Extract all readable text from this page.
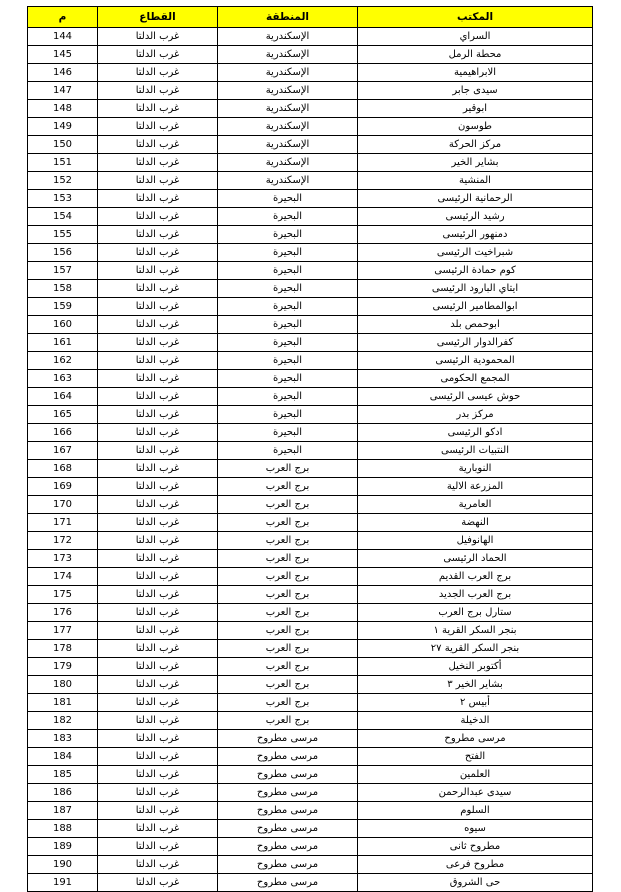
المكتب	المنطقة	القطاع	م
السراي	الإسكندرية	غرب الدلتا	144
محطة الرمل	الإسكندرية	غرب الدلتا	145
الابراهيمية	الإسكندرية	غرب الدلتا	146
سيدى جابر	الإسكندرية	غرب الدلتا	147
ابوقير	الإسكندرية	غرب الدلتا	148
طوسون	الإسكندرية	غرب الدلتا	149
مركز الحركة	الإسكندرية	غرب الدلتا	150
بشاير الخير	الإسكندرية	غرب الدلتا	151
المنشية	الإسكندرية	غرب الدلتا	152
الرحمانية الرئيسى	البحيرة	غرب الدلتا	153
رشيد الرئيسى	البحيرة	غرب الدلتا	154
دمنهور الرئيسى	البحيرة	غرب الدلتا	155
شبراخيت الرئيسى	البحيرة	غرب الدلتا	156
كوم حمادة الرئيسى	البحيرة	غرب الدلتا	157
ايتاي البارود الرئيسى	البحيرة	غرب الدلتا	158
ابوالمطامير الرئيسى	البحيرة	غرب الدلتا	159
ابوحمص بلد	البحيرة	غرب الدلتا	160
كفرالدوار الرئيسى	البحيرة	غرب الدلتا	161
المحمودية الرئيسى	البحيرة	غرب الدلتا	162
المجمع الحكومى	البحيرة	غرب الدلتا	163
حوش عيسى الرئيسى	البحيرة	غرب الدلتا	164
مركز بدر	البحيرة	غرب الدلتا	165
ادكو الرئيسى	البحيرة	غرب الدلتا	166
النتبيات الرئيسى	البحيرة	غرب الدلتا	167
النوبارية	برج العرب	غرب الدلتا	168
المزرعة الالية	برج العرب	غرب الدلتا	169
العامرية	برج العرب	غرب الدلتا	170
النهضة	برج العرب	غرب الدلتا	171
الهانوفيل	برج العرب	غرب الدلتا	172
الحماد الرئيسى	برج العرب	غرب الدلتا	173
برج العرب القديم	برج العرب	غرب الدلتا	174
برج العرب الجديد	برج العرب	غرب الدلتا	175
ستارل برج العرب	برج العرب	غرب الدلتا	176
بنجر السكر القرية ١	برج العرب	غرب الدلتا	177
بنجر السكر القرية ٢٧	برج العرب	غرب الدلتا	178
أكتوبر النخيل	برج العرب	غرب الدلتا	179
بشاير الخير ٣	برج العرب	غرب الدلتا	180
أبيس ٢	برج العرب	غرب الدلتا	181
الدخيلة	برج العرب	غرب الدلتا	182
مرسى مطروح	مرسى مطروح	غرب الدلتا	183
الفتح	مرسى مطروح	غرب الدلتا	184
العلمين	مرسى مطروح	غرب الدلتا	185
سيدى عبدالرحمن	مرسى مطروح	غرب الدلتا	186
السلوم	مرسى مطروح	غرب الدلتا	187
سيوه	مرسى مطروح	غرب الدلتا	188
مطروح ثانى	مرسى مطروح	غرب الدلتا	189
مطروح فرعى	مرسى مطروح	غرب الدلتا	190
حى الشروق	مرسى مطروح	غرب الدلتا	191
